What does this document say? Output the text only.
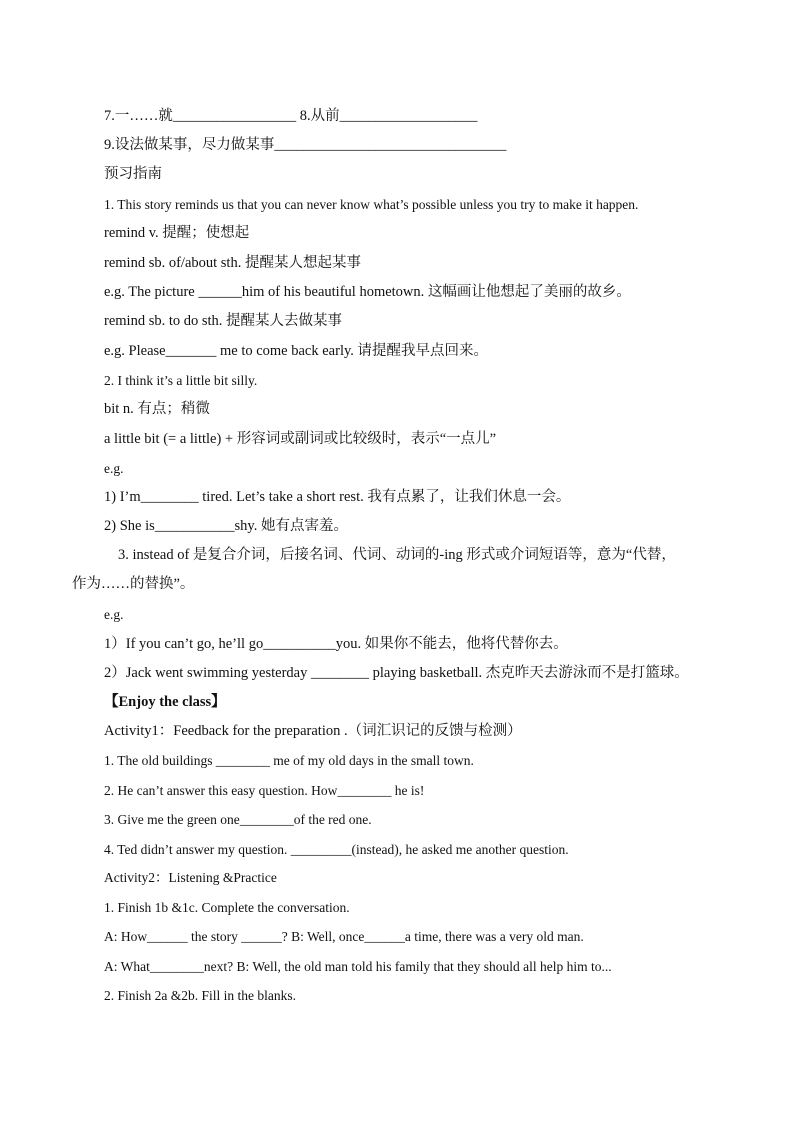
7.一……就_________________ 8.从前___________________
9.设法做某事，尽力做某事________________________________
预习指南
1. This story reminds us that you can never know what’s possible unless you try to make it happen.
remind v. 提醒；使想起
remind sb. of/about sth. 提醒某人想起某事
e.g. The picture ______him of his beautiful hometown. 这幅画让他想起了美丽的故乡。
remind sb. to do sth. 提醒某人去做某事
e.g. Please_______ me to come back early. 请提醒我早点回来。
2. I think it’s a little bit silly.
bit n. 有点；稍微
a little bit (= a little) + 形容词或副词或比较级时，表示“一点儿”
e.g.
1) I’m________ tired. Let’s take a short rest. 我有点累了，让我们休息一会。
2) She is___________shy. 她有点害羞。
3. instead of 是复合介词，后接名词、代词、动词的-ing 形式或介词短语等，意为“代替，
作为……的替换”。
e.g.
1）If you can’t go, he’ll go__________you. 如果你不能去，他将代替你去。
2）Jack went swimming yesterday ________ playing basketball. 杰克昨天去游泳而不是打篮球。
【Enjoy the class】
Activity1：Feedback for the preparation .（词汇识记的反馈与检测）
1. The old buildings ________ me of my old days in the small town.
2. He can’t answer this easy question. How________ he is!
3. Give me the green one________of the red one.
4. Ted didn’t answer my question. _________(instead), he asked me another question.
Activity2：Listening &Practice
1. Finish 1b &1c. Complete the conversation.
A: How______ the story ______? B: Well, once______a time, there was a very old man.
A: What________next? B: Well, the old man told his family that they should all help him to...
2. Finish 2a &2b. Fill in the blanks.
